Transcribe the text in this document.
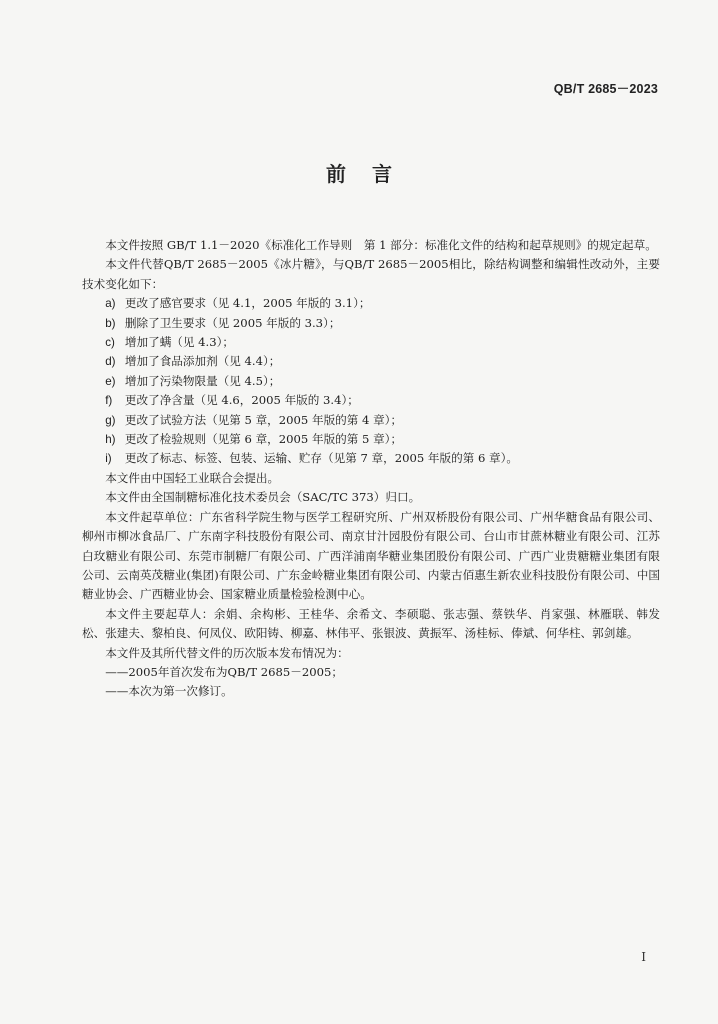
QB/T 2685－2023
前言

本文件按照 GB/T 1.1－2020《标准化工作导则　第 1 部分：标准化文件的结构和起草规则》的规定起草。

本文件代替QB/T 2685－2005《冰片糖》，与QB/T 2685－2005相比，除结构调整和编辑性改动外，主要技术变化如下：

a) 更改了感官要求（见 4.1，2005 年版的 3.1）；

b) 删除了卫生要求（见 2005 年版的 3.3）；

c) 增加了螨（见 4.3）；

d) 增加了食品添加剂（见 4.4）；

e) 增加了污染物限量（见 4.5）；

f) 更改了净含量（见 4.6，2005 年版的 3.4）；

g) 更改了试验方法（见第 5 章，2005 年版的第 4 章）；

h) 更改了检验规则（见第 6 章，2005 年版的第 5 章）；

i) 更改了标志、标签、包装、运输、贮存（见第 7 章，2005 年版的第 6 章）。

本文件由中国轻工业联合会提出。

本文件由全国制糖标准化技术委员会（SAC/TC 373）归口。

本文件起草单位：广东省科学院生物与医学工程研究所、广州双桥股份有限公司、广州华糖食品有限公司、柳州市柳冰食品厂、广东南字科技股份有限公司、南京甘汁园股份有限公司、台山市甘蔗林糖业有限公司、江苏白玫糖业有限公司、东莞市制糖厂有限公司、广西洋浦南华糖业集团股份有限公司、广西广业贵糖糖业集团有限公司、云南英茂糖业(集团)有限公司、广东金岭糖业集团有限公司、内蒙古佰惠生新农业科技股份有限公司、中国糖业协会、广西糖业协会、国家糖业质量检验检测中心。

本文件主要起草人：余娟、余构彬、王桂华、余希文、李硕聪、张志强、蔡铁华、肖家强、林雁联、韩发松、张建夫、黎柏良、何凤仪、欧阳铸、柳嘉、林伟平、张银波、黄振军、汤桂标、俸斌、何华柱、郭剑雄。

本文件及其所代替文件的历次版本发布情况为：

——2005年首次发布为QB/T 2685－2005；

——本次为第一次修订。

I
